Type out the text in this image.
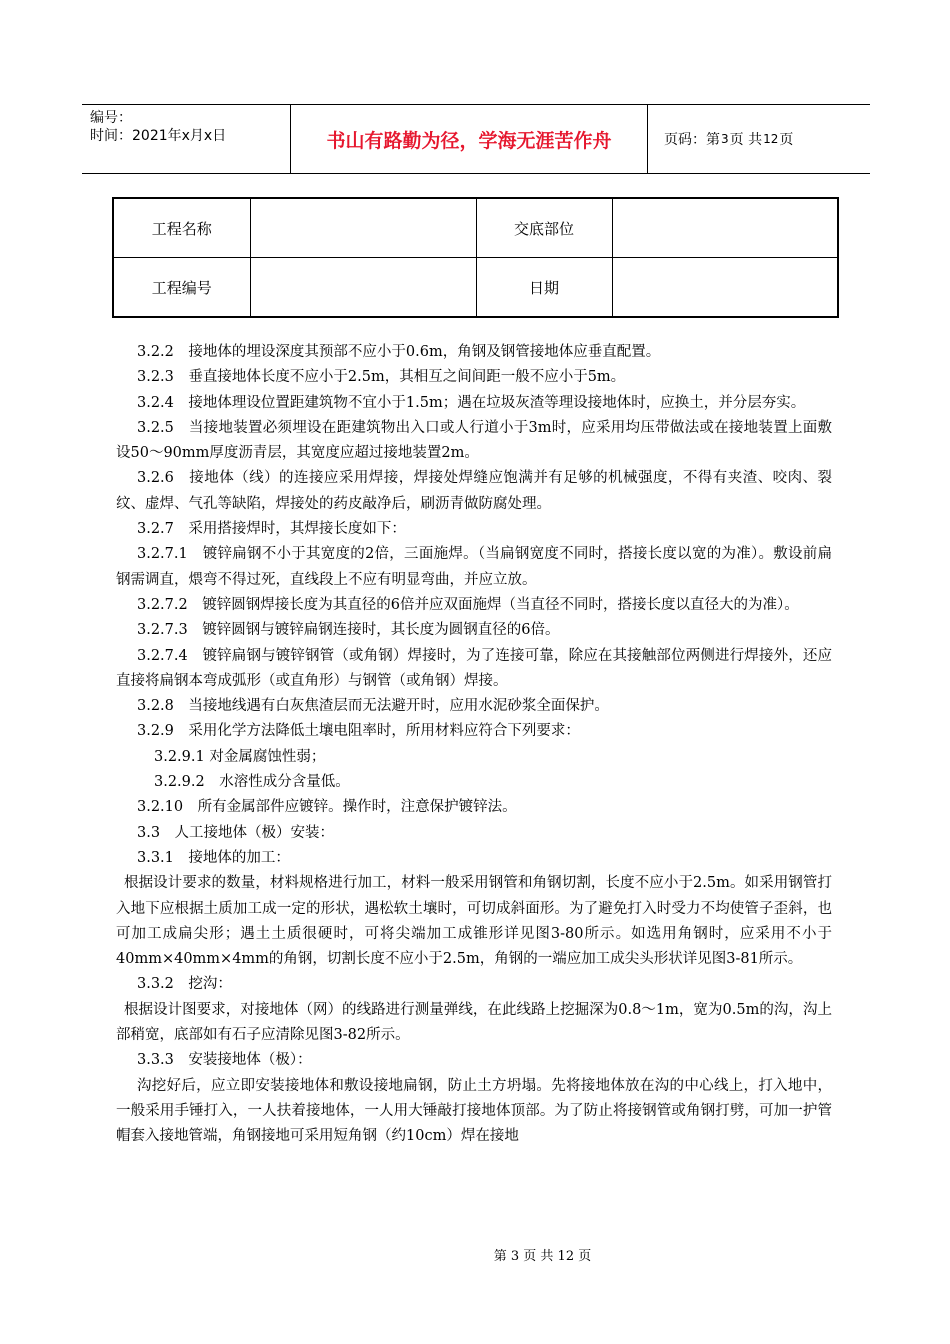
编号：
时间：2021年x月x日	书山有路勤为径，学海无涯苦作舟	页码：第 3 页 共 12 页
工程名称		交底部位	
工程编号		日期	

3.2.2　接地体的埋设深度其预部不应小于0.6m，角钢及钢管接地体应垂直配置。

3.2.3　垂直接地体长度不应小于2.5m，其相互之间间距一般不应小于5m。

3.2.4　接地体理设位置距建筑物不宜小于1.5m；遇在垃圾灰渣等理设接地体时，应换土，并分层夯实。

3.2.5　当接地装置必须埋设在距建筑物出入口或人行道小于3m时，应采用均压带做法或在接地装置上面敷设50～90mm厚度沥青层，其宽度应超过接地装置2m。

3.2.6　接地体（线）的连接应采用焊接，焊接处焊缝应饱满并有足够的机械强度，不得有夹渣、咬肉、裂纹、虚焊、气孔等缺陷，焊接处的药皮敲净后，刷沥青做防腐处理。

3.2.7　采用搭接焊时，其焊接长度如下：

3.2.7.1　镀锌扁钢不小于其宽度的2倍，三面施焊。（当扁钢宽度不同时，搭接长度以宽的为准）。敷设前扁钢需调直，煨弯不得过死，直线段上不应有明显弯曲，并应立放。

3.2.7.2　镀锌圆钢焊接长度为其直径的6倍并应双面施焊（当直径不同时，搭接长度以直径大的为准）。

3.2.7.3　镀锌圆钢与镀锌扁钢连接时，其长度为圆钢直径的6倍。

3.2.7.4　镀锌扁钢与镀锌钢管（或角钢）焊接时，为了连接可靠，除应在其接触部位两侧进行焊接外，还应直接将扁钢本弯成弧形（或直角形）与钢管（或角钢）焊接。

3.2.8　当接地线遇有白灰焦渣层而无法避开时，应用水泥砂浆全面保护。

3.2.9　采用化学方法降低土壤电阻率时，所用材料应符合下列要求：

3.2.9.1 对金属腐蚀性弱；

3.2.9.2　水溶性成分含量低。

3.2.10　所有金属部件应镀锌。操作时，注意保护镀锌法。

3.3　人工接地体（极）安装：

3.3.1　接地体的加工：

根据设计要求的数量，材料规格进行加工，材料一般采用钢管和角钢切割，长度不应小于2.5m。如采用钢管打入地下应根据土质加工成一定的形状，遇松软土壤时，可切成斜面形。为了避免打入时受力不均使管子歪斜，也可加工成扁尖形；遇土土质很硬时，可将尖端加工成锥形详见图3-80所示。如选用角钢时，应采用不小于40mm×40mm×4mm的角钢，切割长度不应小于2.5m，角钢的一端应加工成尖头形状详见图3-81所示。

3.3.2　挖沟：

根据设计图要求，对接地体（网）的线路进行测量弹线，在此线路上挖掘深为0.8～1m，宽为0.5m的沟，沟上部稍宽，底部如有石子应清除见图3-82所示。

3.3.3　安装接地体（极）：

沟挖好后，应立即安装接地体和敷设接地扁钢，防止土方坍塌。先将接地体放在沟的中心线上，打入地中，一般采用手锤打入，一人扶着接地体，一人用大锤敲打接地体顶部。为了防止将接钢管或角钢打劈，可加一护管帽套入接地管端，角钢接地可采用短角钢（约10cm）焊在接地

第 3 页 共 12 页
